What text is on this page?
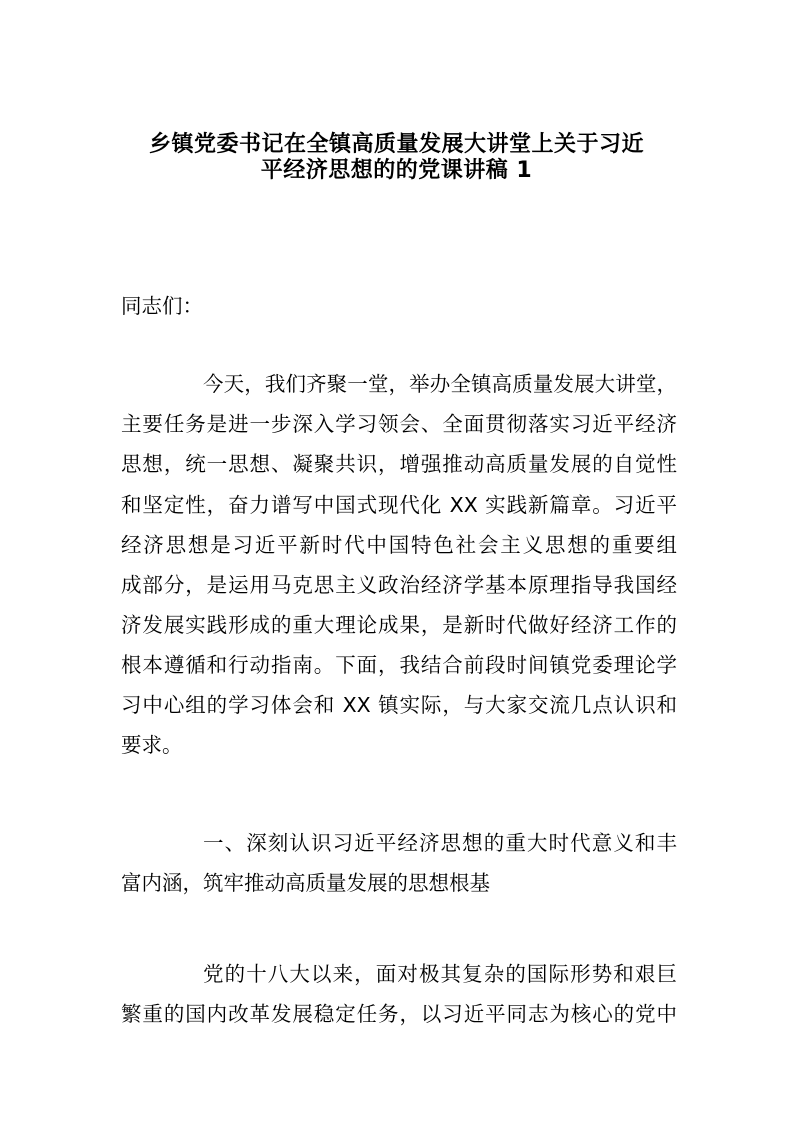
乡镇党委书记在全镇高质量发展大讲堂上关于习近
平经济思想的的党课讲稿 1
同志们：
今天，我们齐聚一堂，举办全镇高质量发展大讲堂，
主要任务是进一步深入学习领会、全面贯彻落实习近平经济
思想，统一思想、凝聚共识，增强推动高质量发展的自觉性
和坚定性，奋力谱写中国式现代化 XX 实践新篇章。习近平
经济思想是习近平新时代中国特色社会主义思想的重要组
成部分，是运用马克思主义政治经济学基本原理指导我国经
济发展实践形成的重大理论成果，是新时代做好经济工作的
根本遵循和行动指南。下面，我结合前段时间镇党委理论学
习中心组的学习体会和 XX 镇实际，与大家交流几点认识和
要求。
一、深刻认识习近平经济思想的重大时代意义和丰
富内涵，筑牢推动高质量发展的思想根基
党的十八大以来，面对极其复杂的国际形势和艰巨
繁重的国内改革发展稳定任务，以习近平同志为核心的党中
